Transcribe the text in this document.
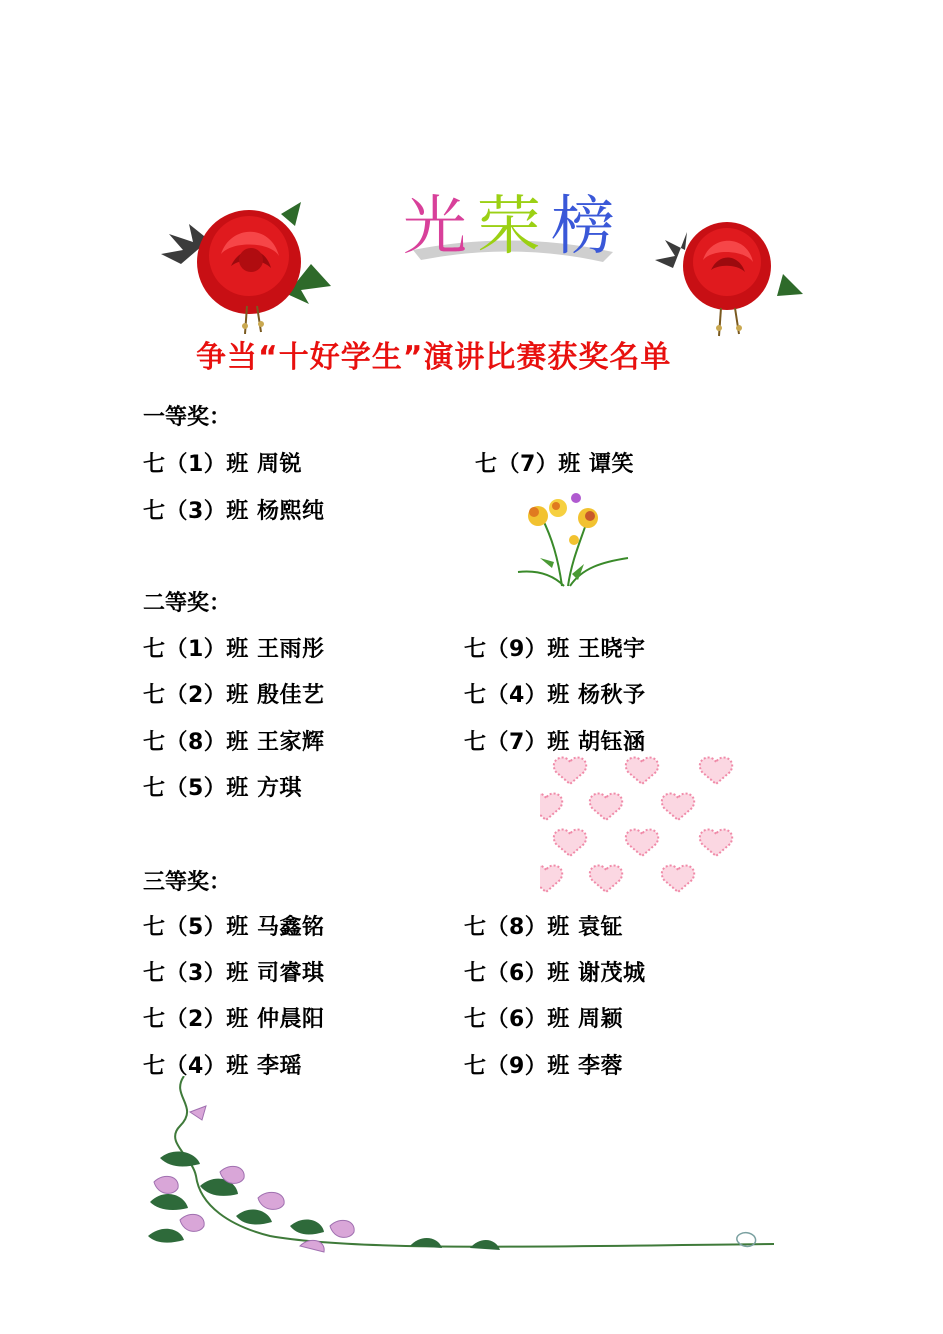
光 荣 榜
争当“十好学生”演讲比赛获奖名单
一等奖：
七（1）班 周锐	七（7）班 谭笑
七（3）班 杨熙纯
二等奖：
七（1）班 王雨彤	七（9）班 王晓宇
七（2）班 殷佳艺	七（4）班 杨秋予
七（8）班 王家辉	七（7）班 胡钰涵
七（5）班 方琪
三等奖：
七（5）班 马鑫铭	七（8）班 袁钲
七（3）班 司睿琪	七（6）班 谢茂城
七（2）班 仲晨阳	七（6）班 周颖
七（4）班 李瑶	七（9）班 李蓉
